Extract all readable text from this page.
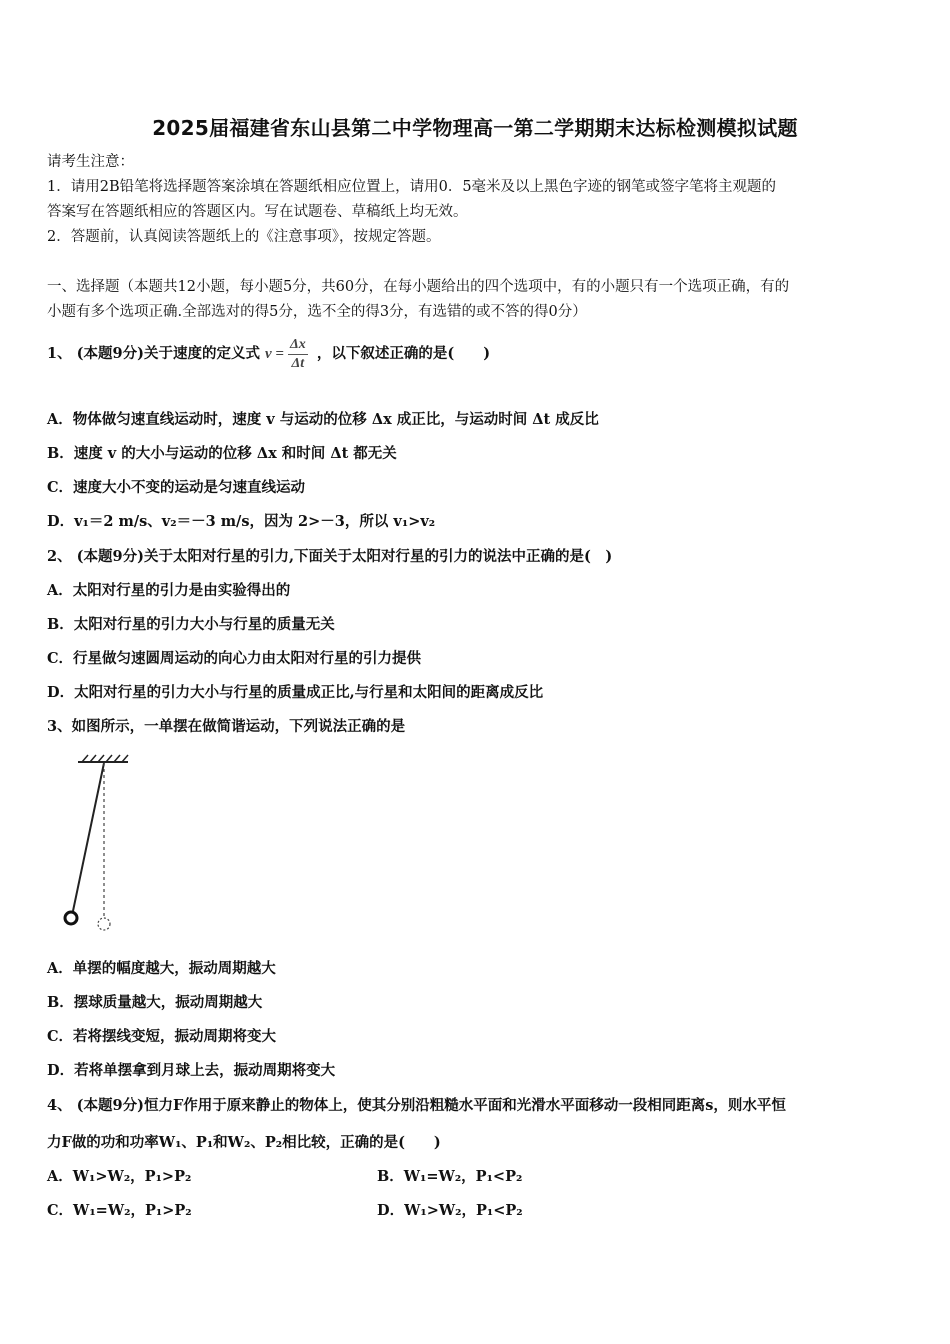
2025届福建省东山县第二中学物理高一第二学期期末达标检测模拟试题
请考生注意：
1．请用2B铅笔将选择题答案涂填在答题纸相应位置上，请用0．5毫米及以上黑色字迹的钢笔或签字笔将主观题的
答案写在答题纸相应的答题区内。写在试题卷、草稿纸上均无效。
2．答题前，认真阅读答题纸上的《注意事项》，按规定答题。
一、选择题（本题共12小题，每小题5分，共60分，在每小题给出的四个选项中，有的小题只有一个选项正确，有的
小题有多个选项正确.全部选对的得5分，选不全的得3分，有选错的或不答的得0分）
1、 (本题9分)关于速度的定义式 $v = \frac{\Delta x}{\Delta t}$ ，以下叙述正确的是(　　)
A．物体做匀速直线运动时，速度 v 与运动的位移 Δx 成正比，与运动时间 Δt 成反比
B．速度 v 的大小与运动的位移 Δx 和时间 Δt 都无关
C．速度大小不变的运动是匀速直线运动
D．v₁＝2 m/s、v₂＝－3 m/s，因为 2>－3，所以 v₁>v₂
2、 (本题9分)关于太阳对行星的引力,下面关于太阳对行星的引力的说法中正确的是(　)
A．太阳对行星的引力是由实验得出的
B．太阳对行星的引力大小与行星的质量无关
C．行星做匀速圆周运动的向心力由太阳对行星的引力提供
D．太阳对行星的引力大小与行星的质量成正比,与行星和太阳间的距离成反比
3、如图所示，一单摆在做简谐运动，下列说法正确的是
A．单摆的幅度越大，振动周期越大
B．摆球质量越大，振动周期越大
C．若将摆线变短，振动周期将变大
D．若将单摆拿到月球上去，振动周期将变大
4、 (本题9分)恒力F作用于原来静止的物体上，使其分别沿粗糙水平面和光滑水平面移动一段相同距离s，则水平恒
力F做的功和功率W₁、P₁和W₂、P₂相比较，正确的是(　　)
A．W₁>W₂，P₁>P₂	B．W₁=W₂，P₁<P₂
C．W₁=W₂，P₁>P₂	D．W₁>W₂，P₁<P₂
